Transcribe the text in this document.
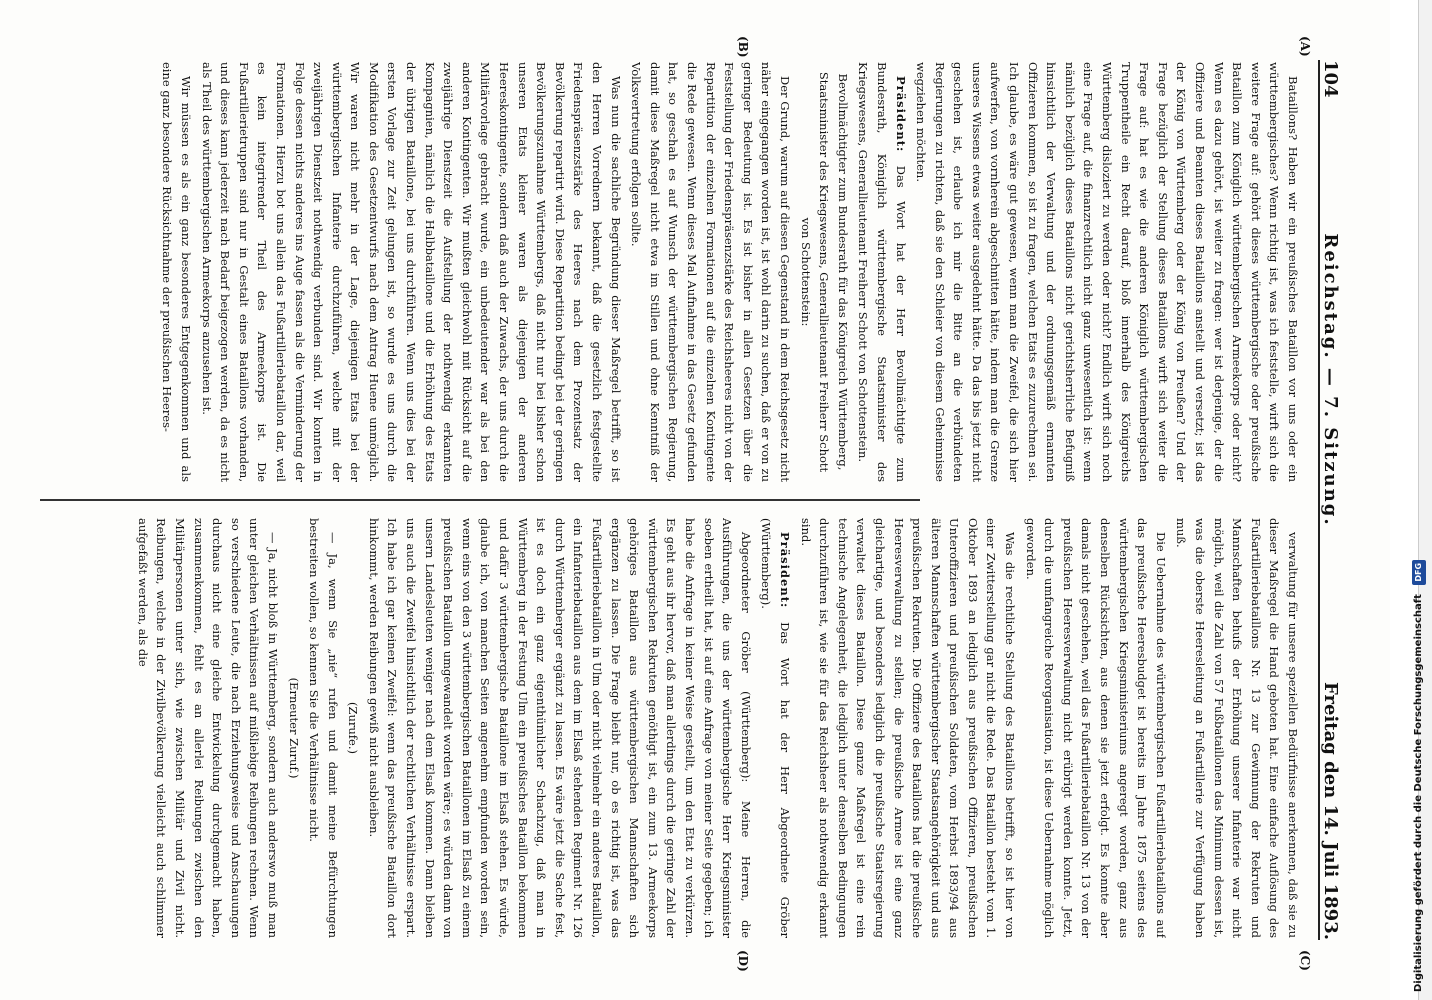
104
Reichstag. — 7. Sitzung.
Freitag den 14. Juli 1893.
(A)
(B)
(C)
(D)

Bataillons? Haben wir ein preußisches Bataillon vor uns oder ein württembergisches? Wenn richtig ist, was ich feststelle, wirft sich die weitere Frage auf: gehört dieses württembergische oder preußische Bataillon zum Königlich württembergischen Armeekorps oder nicht? Wenn es dazu gehört, ist weiter zu fragen: wer ist derjenige, der die Offiziere und Beamten dieses Bataillons anstellt und versetzt; ist das der König von Württemberg oder der König von Preußen? Und der Frage bezüglich der Stellung dieses Bataillons wirft sich weiter die Frage auf: hat es wie die anderen Königlich württembergischen Truppentheile ein Recht darauf, bloß innerhalb des Königreichs Württemberg disloziert zu werden oder nicht? Endlich wirft sich noch eine Frage auf, die finanzrechtlich nicht ganz unwesentlich ist: wenn nämlich bezüglich dieses Bataillons nicht gerichtsherrliche Befugniß hinsichtlich der Verwaltung und der ordnungsgemäß ernannten Offizieren kommen, so ist zu fragen, welchen Etats es zuzurechnen sei. Ich glaube, es wäre gut gewesen, wenn man die Zweifel, die sich hier aufwerfen, von vornherein abgeschnitten hätte, indem man die Grenze unseres Wissens etwas weiter ausgedehnt hätte. Da das bis jetzt nicht geschehen ist, erlaube ich mir die Bitte an die verbündeten Regierungen zu richten, daß sie den Schleier von diesem Geheimnisse wegziehen möchten.

Präsident: Das Wort hat der Herr Bevollmächtigte zum Bundesrath, Königlich württembergische Staatsminister des Kriegswesens, Generallieutenant Freiherr Schott von Schottenstein.

Bevollmächtigter zum Bundesrath für das Königreich Württemberg, Staatsminister des Kriegswesens, Generallieutenant Freiherr Schott von Schottenstein:

Der Grund, warum auf diesen Gegenstand in dem Reichsgesetz nicht näher eingegangen worden ist, ist wohl darin zu suchen, daß er von zu geringer Bedeutung ist. Es ist bisher in allen Gesetzen über die Feststellung der Friedenspräsenzstärke des Reichsheeres nicht von der Repartition der einzelnen Formationen auf die einzelnen Kontingente die Rede gewesen. Wenn dieses Mal Aufnahme in das Gesetz gefunden hat, so geschah es auf Wunsch der württembergischen Regierung, damit diese Maßregel nicht etwa im Stillen und ohne Kenntniß der Volksvertretung erfolgen sollte.

Was nun die sachliche Begründung dieser Maßregel betrifft, so ist den Herren Vorrednern bekannt, daß die gesetzlich festgestellte Friedenspräsenzstärke des Heeres nach dem Prozentsatz der Bevölkerung repartirt wird. Diese Repartition bedingt bei der geringen Bevölkerungszunahme Württembergs, daß nicht nur bei bisher schon unseren Etats kleiner waren als diejenigen der anderen Heereskontingente, sondern daß auch der Zuwachs, der uns durch die Militärvorlage gebracht wurde, ein unbedeutender war als bei den anderen Kontingenten. Wir mußten gleichwohl mit Rücksicht auf die zweijährige Dienstzeit die Aufstellung der nothwendig erkannten Kompagnien, nämlich die Halbbataillone und die Erhöhung des Etats der übrigen Bataillone, bei uns durchführen. Wenn uns dies bei der ersten Vorlage zur Zeit gelungen ist, so wurde es uns durch die Modifikation des Gesetzentwurfs nach dem Antrag Huene unmöglich. Wir waren nicht mehr in der Lage, diejenigen Etats bei der württembergischen Infanterie durchzuführen, welche mit der zweijährigen Dienstzeit nothwendig verbunden sind. Wir konnten in Folge dessen nichts anderes ins Auge fassen als die Verminderung der Formationen. Hierzu bot uns allein das Fußartilleriebataillon dar, weil es kein integrirender Theil des Armeekorps ist. Die Fußartillerietruppen sind nur in Gestalt eines Bataillons vorhanden, und dieses kann jederzeit nach Bedarf beigezogen werden, da es nicht als Theil des württembergischen Armeekorps anzusehen ist.

Wir müssen es als ein ganz besonderes Entgegenkommen und als eine ganz besondere Rücksichtnahme der preußischen Heeres-

verwaltung für unsere speziellen Bedürfnisse anerkennen, daß sie zu dieser Maßregel die Hand geboten hat. Eine einfache Auflösung des Fußartilleriebataillons Nr. 13 zur Gewinnung der Rekruten und Mannschaften behufs der Erhöhung unserer Infanterie war nicht möglich, weil die Zahl von 57 Fußbataillonen das Minimum dessen ist, was die oberste Heeresleitung an Fußartillerie zur Verfügung haben muß.

Die Uebernahme des württembergischen Fußartilleriebataillons auf das preußische Heeresbudget ist bereits im Jahre 1875 seitens des württembergischen Kriegsministeriums angeregt worden, ganz aus denselben Rücksichten, aus denen sie jetzt erfolgt. Es konnte aber damals nicht geschehen, weil das Fußartilleriebataillon Nr. 13 von der preußischen Heeresverwaltung nicht erübrigt werden konnte. Jetzt, durch die umfangreiche Reorganisation, ist diese Uebernahme möglich geworden.

Was die rechtliche Stellung des Bataillons betrifft, so ist hier von einer Zwitterstellung gar nicht die Rede. Das Bataillon besteht vom 1. Oktober 1893 an lediglich aus preußischen Offizieren, preußischen Unteroffizieren und preußischen Soldaten, vom Herbst 1893/94 aus älteren Mannschaften württembergischer Staatsangehörigkeit und aus preußischen Rekruten. Die Offiziere des Bataillons hat die preußische Heeresverwaltung zu stellen; die preußische Armee ist eine ganz gleichartige, und besonders lediglich die preußische Staatsregierung verwaltet dieses Bataillon. Diese ganze Maßregel ist eine rein technische Angelegenheit, die lediglich unter denselben Bedingungen durchzuführen ist, wie sie für das Reichsheer als nothwendig erkannt sind.

Präsident: Das Wort hat der Herr Abgeordnete Gröber (Württemberg).

Abgeordneter Gröber (Württemberg): Meine Herren, die Ausführungen, die uns der württembergische Herr Kriegsminister soeben ertheilt hat, ist auf eine Anfrage von meiner Seite gegeben; ich habe die Anfrage in keiner Weise gestellt, um den Etat zu verkürzen. Es geht aus ihr hervor, daß man allerdings durch die geringe Zahl der württembergischen Rekruten genöthigt ist, ein zum 13. Armeekorps gehöriges Bataillon aus württembergischen Mannschaften sich ergänzen zu lassen. Die Frage bleibt nur, ob es richtig ist, was das Fußartilleriebataillon in Ulm oder nicht vielmehr ein anderes Bataillon, ein Infanteriebataillon aus dem im Elsaß stehenden Regiment Nr. 126 durch Württemberger ergänzt zu lassen. Es wäre jetzt die Sache fest, ist es doch ein ganz eigenthümlicher Schachzug, daß man in Württemberg in der Festung Ulm ein preußisches Bataillon bekommen und dafür 3 württembergische Bataillone im Elsaß stehen. Es würde, glaube ich, von manchen Seiten angenehm empfunden worden sein, wenn eins von den 3 württembergischen Bataillonen im Elsaß zu einem preußischen Bataillon umgewandelt worden wäre; es würden dann von unsern Landesleuten weniger nach dem Elsaß kommen. Dann bleiben uns auch die Zweifel hinsichtlich der rechtlichen Verhältnisse erspart. Ich habe ich gar keinen Zweifel: wenn das preußische Bataillon dort hinkommt, werden Reibungen gewiß nicht ausbleiben.

(Zurufe.)

— Ja, wenn Sie „nie“ rufen und damit meine Befürchtungen bestreiten wollen, so kennen Sie die Verhältnisse nicht.

(Erneuter Zuruf.)

— Ja, nicht bloß in Württemberg, sondern auch anderswo muß man unter gleichen Verhältnissen auf mißliebige Reibungen rechnen. Wenn so verschiedene Leute, die nach Erziehungsweise und Anschauungen durchaus nicht eine gleiche Entwickelung durchgemacht haben, zusammenkommen, fehlt es an allerlei Reibungen zwischen den Militärpersonen unter sich, wie zwischen Militär und Zivil nicht. Reibungen, welche in der Zivilbevölkerung vielleicht auch schlimmer aufgefaßt werden, als die

Digitalisierung gefördert durch die Deutsche Forschungsgemeinschaft DFG
